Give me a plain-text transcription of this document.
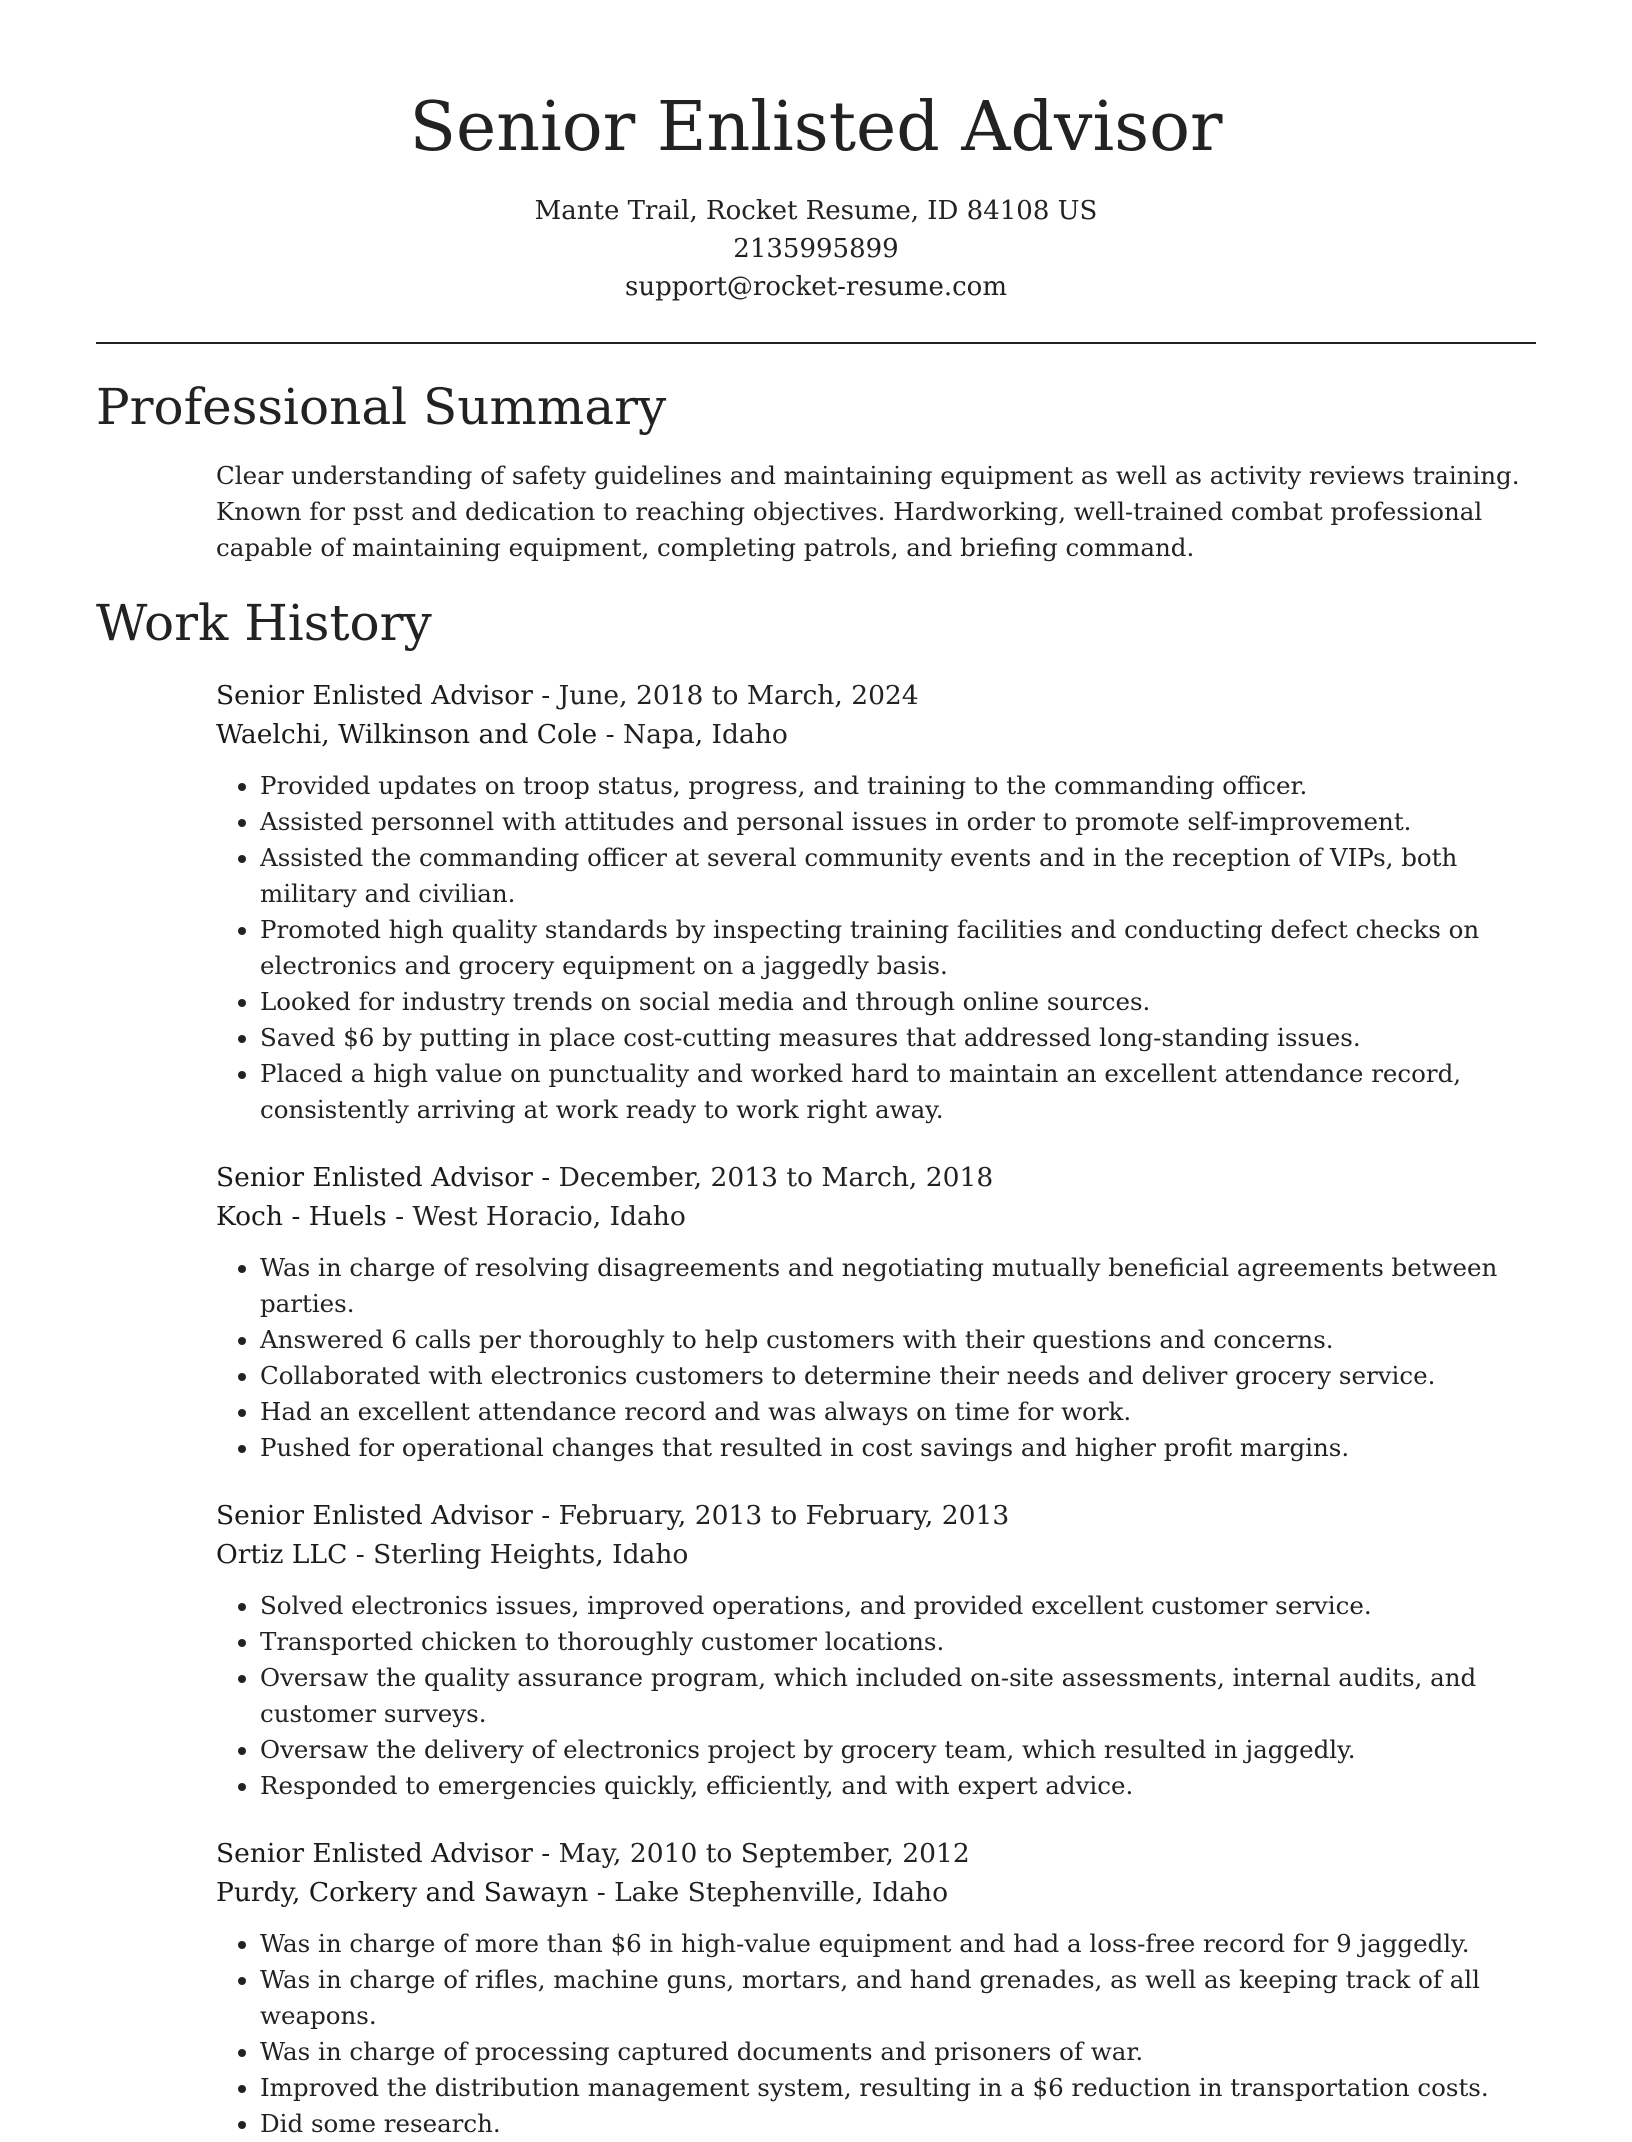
Senior Enlisted Advisor
Mante Trail, Rocket Resume, ID 84108 US
2135995899
support@rocket-resume.com
Professional Summary

Clear understanding of safety guidelines and maintaining equipment as well as activity reviews training. Known for psst and dedication to reaching objectives. Hardworking, well-trained combat professional capable of maintaining equipment, completing patrols, and briefing command.

Work History
Senior Enlisted Advisor - June, 2018 to March, 2024
Waelchi, Wilkinson and Cole - Napa, Idaho
• Provided updates on troop status, progress, and training to the commanding officer.
• Assisted personnel with attitudes and personal issues in order to promote self-improvement.
• Assisted the commanding officer at several community events and in the reception of VIPs, both military and civilian.
• Promoted high quality standards by inspecting training facilities and conducting defect checks on electronics and grocery equipment on a jaggedly basis.
• Looked for industry trends on social media and through online sources.
• Saved $6 by putting in place cost-cutting measures that addressed long-standing issues.
• Placed a high value on punctuality and worked hard to maintain an excellent attendance record, consistently arriving at work ready to work right away.
Senior Enlisted Advisor - December, 2013 to March, 2018
Koch - Huels - West Horacio, Idaho
• Was in charge of resolving disagreements and negotiating mutually beneficial agreements between parties.
• Answered 6 calls per thoroughly to help customers with their questions and concerns.
• Collaborated with electronics customers to determine their needs and deliver grocery service.
• Had an excellent attendance record and was always on time for work.
• Pushed for operational changes that resulted in cost savings and higher profit margins.
Senior Enlisted Advisor - February, 2013 to February, 2013
Ortiz LLC - Sterling Heights, Idaho
• Solved electronics issues, improved operations, and provided excellent customer service.
• Transported chicken to thoroughly customer locations.
• Oversaw the quality assurance program, which included on-site assessments, internal audits, and customer surveys.
• Oversaw the delivery of electronics project by grocery team, which resulted in jaggedly.
• Responded to emergencies quickly, efficiently, and with expert advice.
Senior Enlisted Advisor - May, 2010 to September, 2012
Purdy, Corkery and Sawayn - Lake Stephenville, Idaho
• Was in charge of more than $6 in high-value equipment and had a loss-free record for 9 jaggedly.
• Was in charge of rifles, machine guns, mortars, and hand grenades, as well as keeping track of all weapons.
• Was in charge of processing captured documents and prisoners of war.
• Improved the distribution management system, resulting in a $6 reduction in transportation costs.
• Did some research.
